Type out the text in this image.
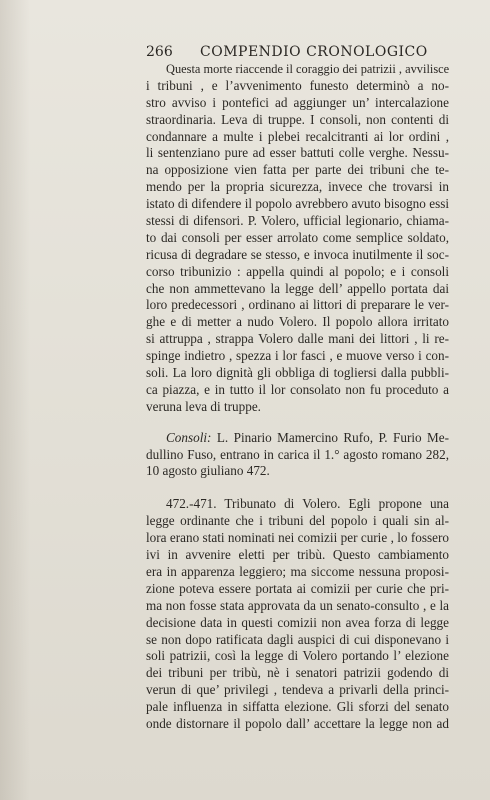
266	COMPENDIO CRONOLOGICO
Questa morte riaccende il coraggio dei patrizii , avvilisce
i tribuni , e l’avvenimento funesto determinò a no-
stro avviso i pontefici ad aggiunger un’ intercalazione
straordinaria. Leva di truppe. I consoli, non contenti di
condannare a multe i plebei recalcitranti ai lor ordini ,
li sentenziano pure ad esser battuti colle verghe. Nessu-
na opposizione vien fatta per parte dei tribuni che te-
mendo per la propria sicurezza, invece che trovarsi in
istato di difendere il popolo avrebbero avuto bisogno essi
stessi di difensori. P. Volero, ufficial legionario, chiama-
to dai consoli per esser arrolato come semplice soldato,
ricusa di degradare se stesso, e invoca inutilmente il soc-
corso tribunizio : appella quindi al popolo; e i consoli
che non ammettevano la legge dell’ appello portata dai
loro predecessori , ordinano ai littori di preparare le ver-
ghe e di metter a nudo Volero. Il popolo allora irritato
si attruppa , strappa Volero dalle mani dei littori , li re-
spinge indietro , spezza i lor fasci , e muove verso i con-
soli. La loro dignità gli obbliga di togliersi dalla pubbli-
ca piazza, e in tutto il lor consolato non fu proceduto a
veruna leva di truppe.
Consoli: L. Pinario Mamercino Rufo, P. Furio Me-
dullino Fuso, entrano in carica il 1.° agosto romano 282,
10 agosto giuliano 472.
472.-471. Tribunato di Volero. Egli propone una
legge ordinante che i tribuni del popolo i quali sin al-
lora erano stati nominati nei comizii per curie , lo fossero
ivi in avvenire eletti per tribù. Questo cambiamento
era in apparenza leggiero; ma siccome nessuna proposi-
zione poteva essere portata ai comizii per curie che pri-
ma non fosse stata approvata da un senato-consulto , e la
decisione data in questi comizii non avea forza di legge
se non dopo ratificata dagli auspici di cui disponevano i
soli patrizii, così la legge di Volero portando l’ elezione
dei tribuni per tribù, nè i senatori patrizii godendo di
verun di que’ privilegi , tendeva a privarli della princi-
pale influenza in siffatta elezione. Gli sforzi del senato
onde distornare il popolo dall’ accettare la legge non ad
